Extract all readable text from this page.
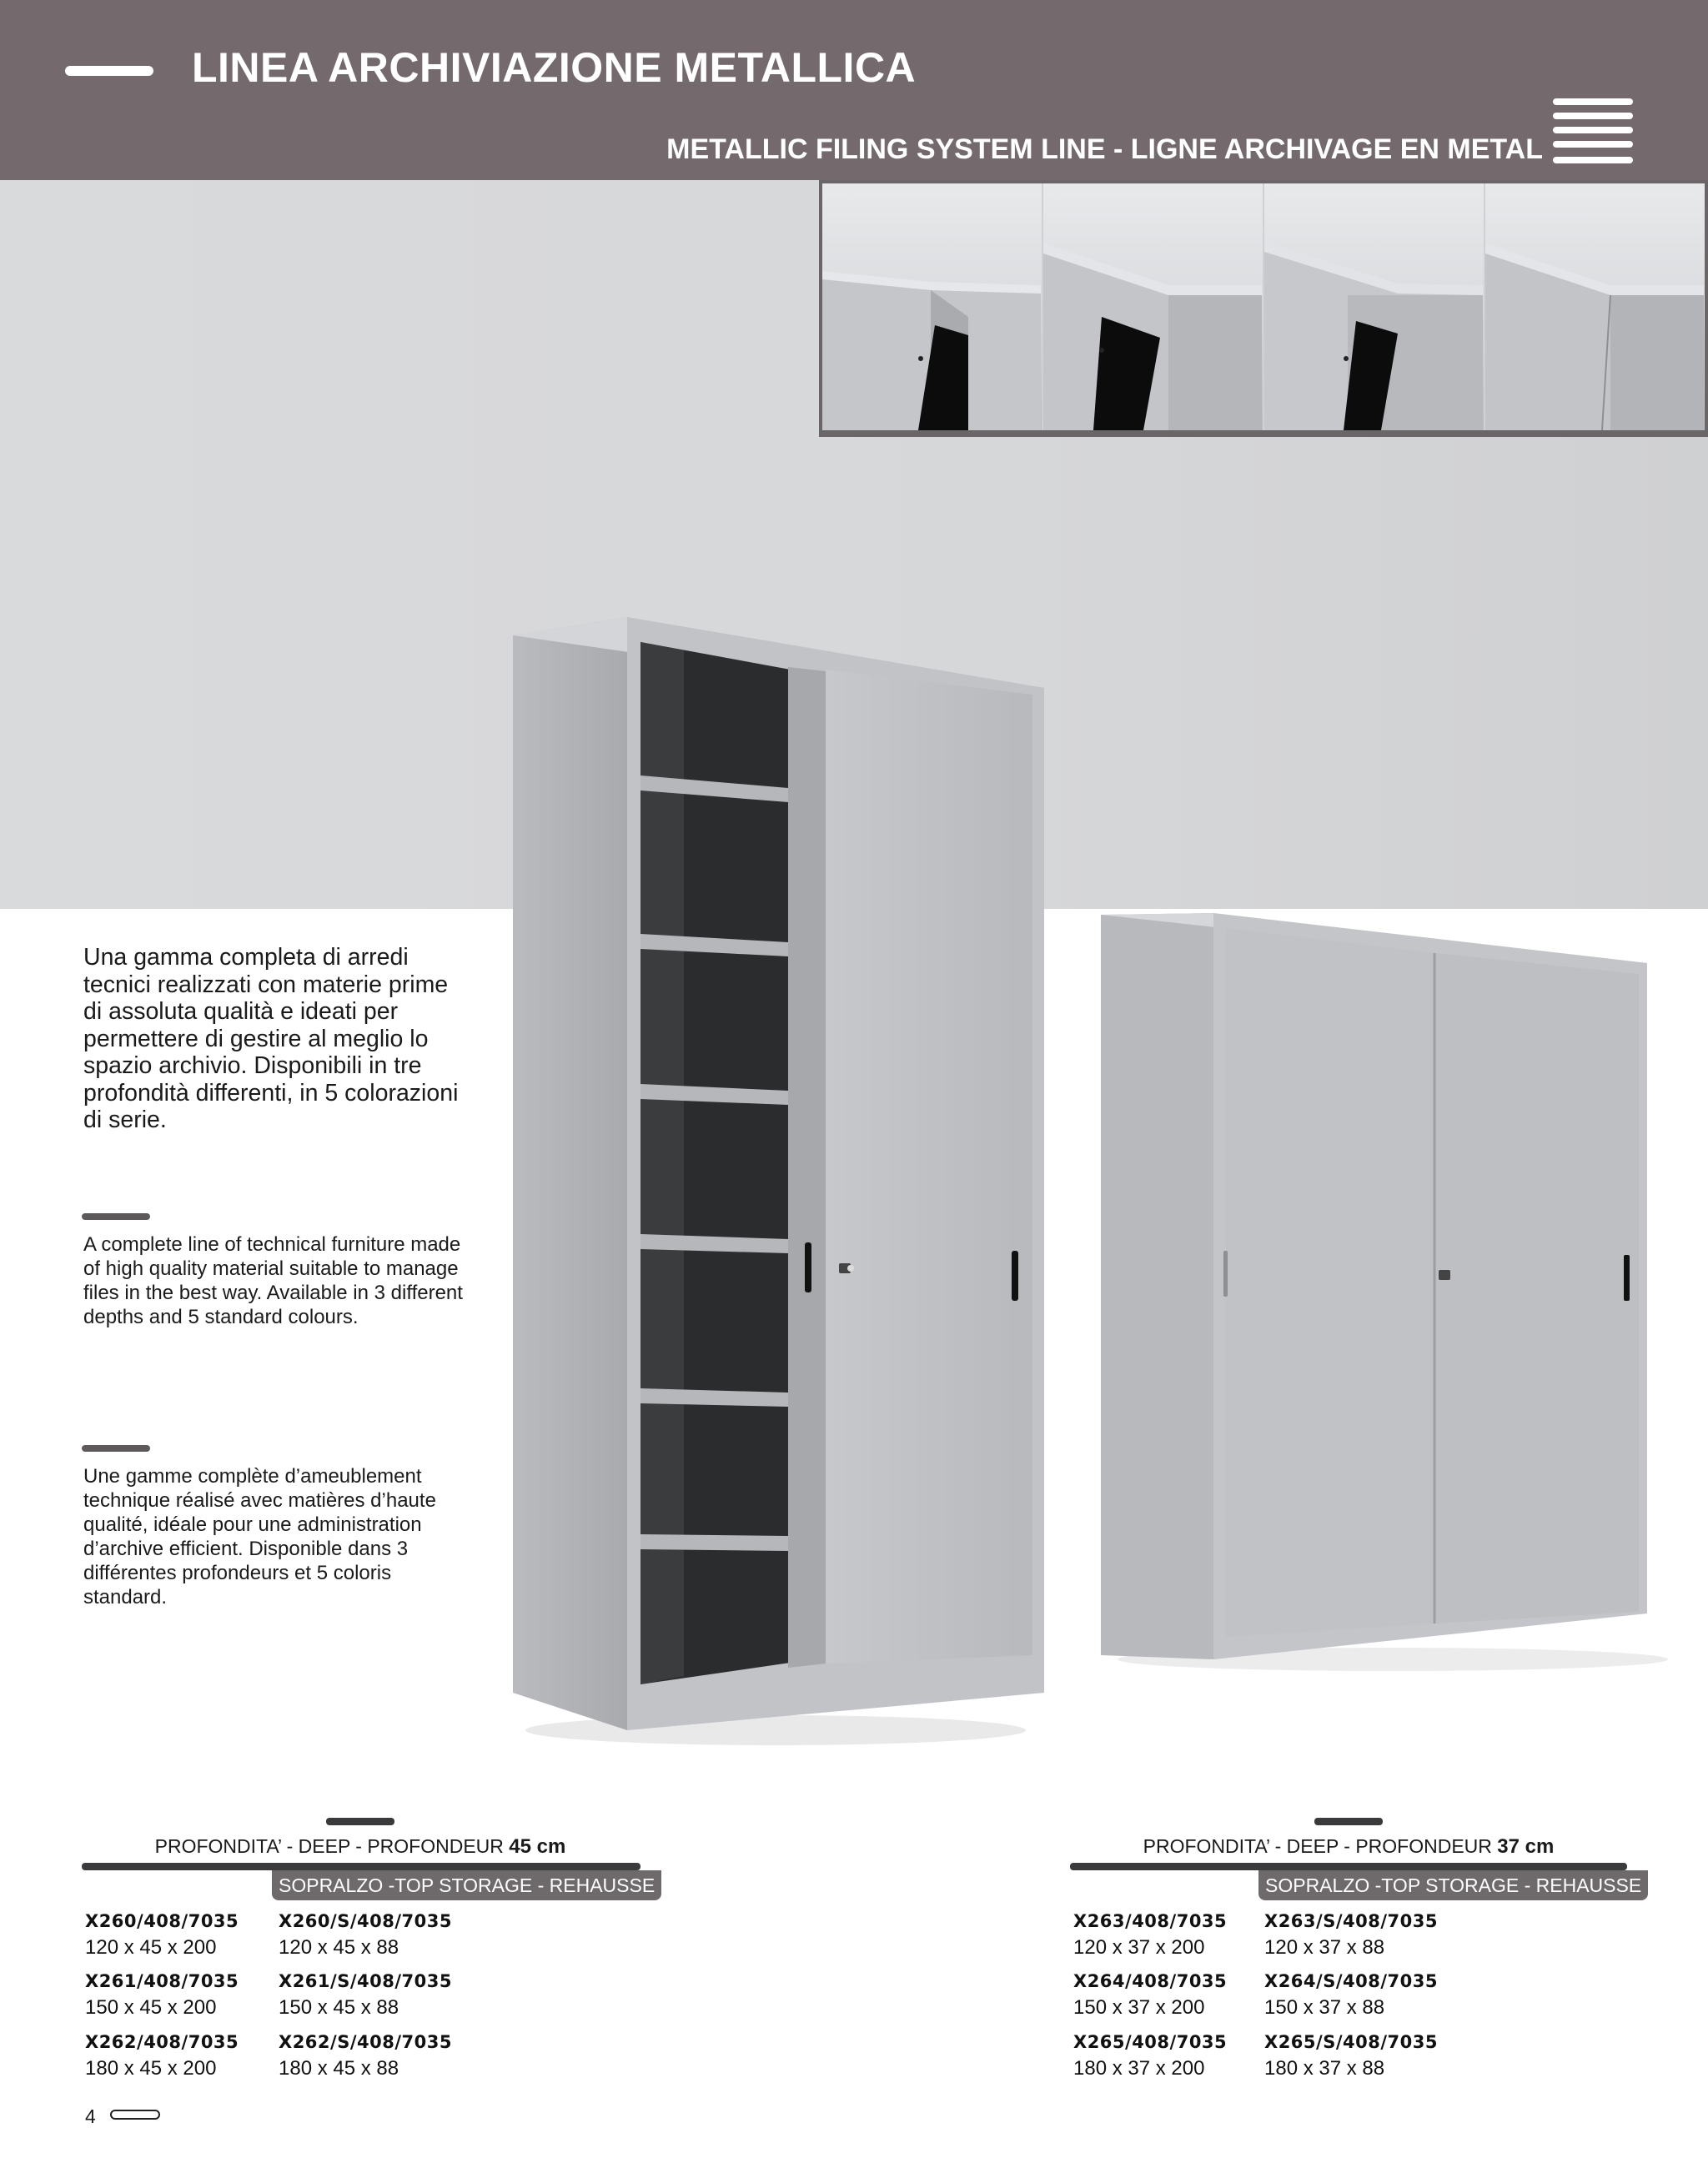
LINEA ARCHIVIAZIONE METALLICA
METALLIC FILING SYSTEM LINE - LIGNE ARCHIVAGE EN METAL
Una gamma completa di arredi tecnici realizzati con materie prime di assoluta qualità e ideati per permettere di gestire al meglio lo spazio archivio. Disponibili in tre profondità differenti, in 5 colorazioni di serie.
A complete line of technical furniture made of high quality material suitable to manage files in the best way. Available in 3 different depths and 5 standard colours.
Une gamme complète d’ameublement technique réalisé avec matières d’haute qualité, idéale pour une administration d’archive efficient. Disponible dans 3 différentes profondeurs et 5 coloris standard.
PROFONDITA’ - DEEP - PROFONDEUR 45 cm
SOPRALZO -TOP STORAGE - REHAUSSE
X260/408/7035
120 x 45 x 200
X260/S/408/7035
120 x 45 x 88
X261/408/7035
150 x 45 x 200
X261/S/408/7035
150 x 45 x 88
X262/408/7035
180 x 45 x 200
X262/S/408/7035
180 x 45 x 88
PROFONDITA’ - DEEP - PROFONDEUR 37 cm
SOPRALZO -TOP STORAGE - REHAUSSE
X263/408/7035
120 x 37 x 200
X263/S/408/7035
120 x 37 x 88
X264/408/7035
150 x 37 x 200
X264/S/408/7035
150 x 37 x 88
X265/408/7035
180 x 37 x 200
X265/S/408/7035
180 x 37 x 88
4
